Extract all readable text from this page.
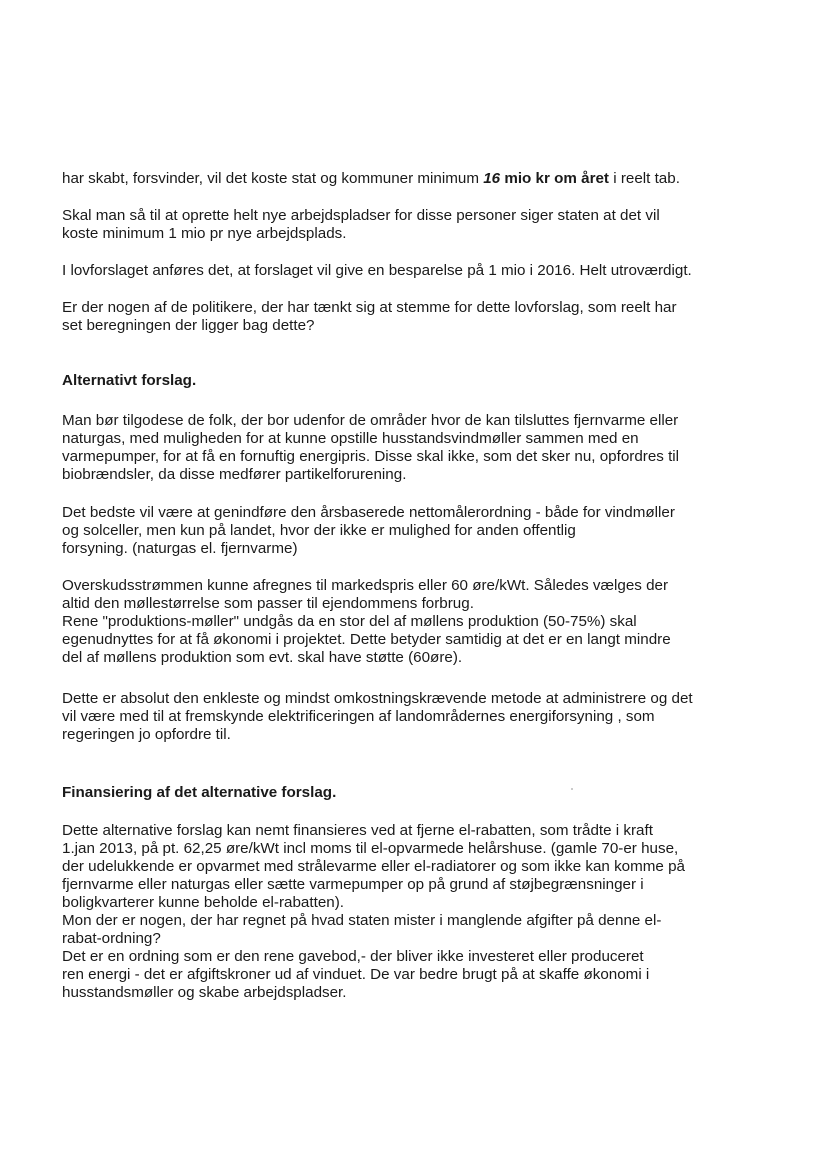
har skabt, forsvinder, vil det koste stat og kommuner minimum 16 mio kr om året i reelt tab.
Skal man så til at oprette helt nye arbejdspladser for disse personer siger staten at det vil
koste minimum 1 mio pr nye arbejdsplads.
I lovforslaget anføres det, at forslaget vil give en besparelse på 1 mio i 2016. Helt utroværdigt.
Er der nogen af de politikere, der har tænkt sig at stemme for dette lovforslag, som reelt har
set beregningen der ligger bag dette?
Alternativt forslag.
Man bør tilgodese de folk, der bor udenfor de områder hvor de kan tilsluttes fjernvarme eller
naturgas, med muligheden for at kunne opstille husstandsvindmøller sammen med en
varmepumper, for at få en fornuftig energipris. Disse skal ikke, som det sker nu, opfordres til
biobrændsler, da disse medfører partikelforurening.
Det bedste vil være at genindføre den årsbaserede nettomålerordning - både for vindmøller
og solceller, men kun på landet, hvor der ikke er mulighed for anden offentlig
forsyning. (naturgas el. fjernvarme)
Overskudsstrømmen kunne afregnes til markedspris eller 60 øre/kWt. Således vælges der
altid den møllestørrelse som passer til ejendommens forbrug.
Rene "produktions-møller" undgås da en stor del af møllens produktion (50-75%) skal
egenudnyttes for at få økonomi i projektet. Dette betyder samtidig at det er en langt mindre
del af møllens produktion som evt. skal have støtte (60øre).
Dette er absolut den enkleste og mindst omkostningskrævende metode at administrere og det
vil være med til at fremskynde elektrificeringen af landområdernes energiforsyning , som
regeringen jo opfordre til.
Finansiering af det alternative forslag.
Dette alternative forslag kan nemt finansieres ved at fjerne el-rabatten, som trådte i kraft
1.jan 2013, på pt. 62,25 øre/kWt incl moms til el-opvarmede helårshuse. (gamle 70-er huse,
der udelukkende er opvarmet med strålevarme eller el-radiatorer og som ikke kan komme på
fjernvarme eller naturgas eller sætte varmepumper op på grund af støjbegrænsninger i
boligkvarterer kunne beholde el-rabatten).
Mon der er nogen, der har regnet på hvad staten mister i manglende afgifter på denne el-
rabat-ordning?
Det er en ordning som er den rene gavebod,- der bliver ikke investeret eller produceret
ren energi - det er afgiftskroner ud af vinduet. De var bedre brugt på at skaffe økonomi i
husstandsmøller og skabe arbejdspladser.
